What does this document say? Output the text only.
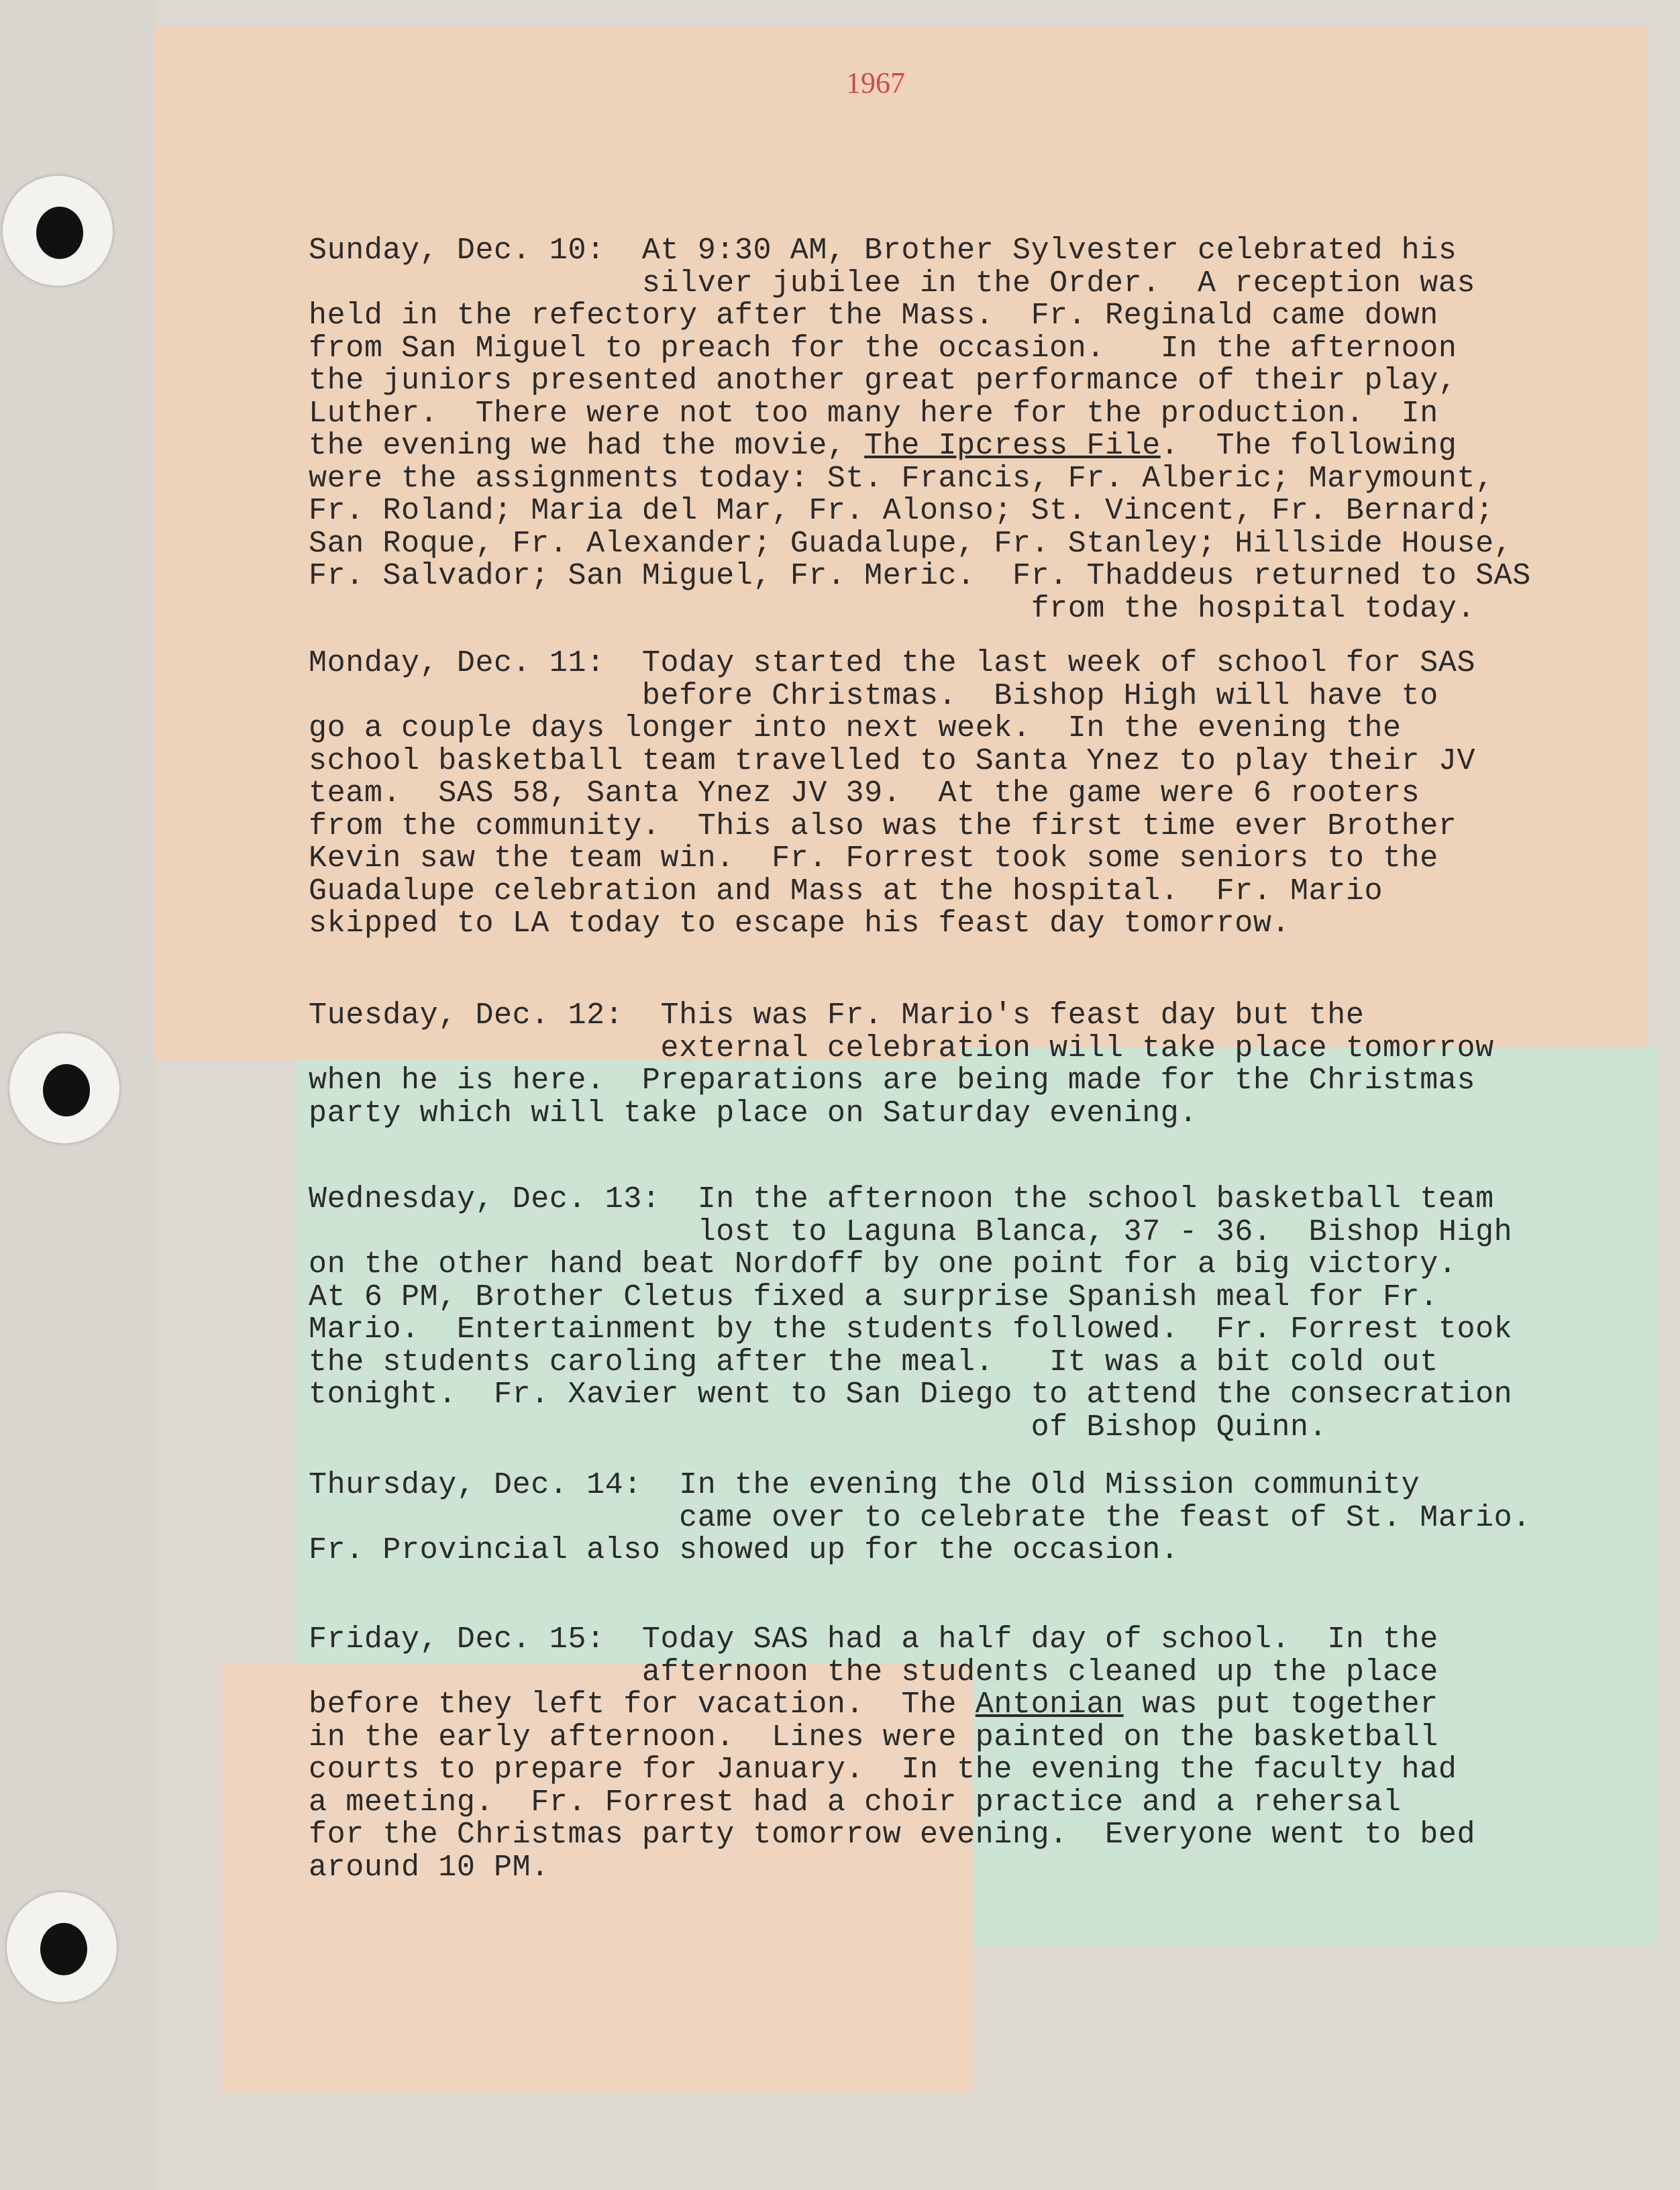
1967
Sunday, Dec. 10:  At 9:30 AM, Brother Sylvester celebrated his
silver jubilee in the Order.  A reception was
held in the refectory after the Mass.  Fr. Reginald came down
from San Miguel to preach for the occasion.   In the afternoon
the juniors presented another great performance of their play,
Luther.  There were not too many here for the production.  In
the evening we had the movie, The Ipcress File.  The following
were the assignments today: St. Francis, Fr. Alberic; Marymount,
Fr. Roland; Maria del Mar, Fr. Alonso; St. Vincent, Fr. Bernard;
San Roque, Fr. Alexander; Guadalupe, Fr. Stanley; Hillside House,
Fr. Salvador; San Miguel, Fr. Meric.  Fr. Thaddeus returned to SAS
from the hospital today.
Monday, Dec. 11:  Today started the last week of school for SAS
before Christmas.  Bishop High will have to
go a couple days longer into next week.  In the evening the
school basketball team travelled to Santa Ynez to play their JV
team.  SAS 58, Santa Ynez JV 39.  At the game were 6 rooters
from the community.  This also was the first time ever Brother
Kevin saw the team win.  Fr. Forrest took some seniors to the
Guadalupe celebration and Mass at the hospital.  Fr. Mario
skipped to LA today to escape his feast day tomorrow.
Tuesday, Dec. 12:  This was Fr. Mario's feast day but the
external celebration will take place tomorrow
when he is here.  Preparations are being made for the Christmas
party which will take place on Saturday evening.
Wednesday, Dec. 13:  In the afternoon the school basketball team
lost to Laguna Blanca, 37 - 36.  Bishop High
on the other hand beat Nordoff by one point for a big victory.
At 6 PM, Brother Cletus fixed a surprise Spanish meal for Fr.
Mario.  Entertainment by the students followed.  Fr. Forrest took
the students caroling after the meal.   It was a bit cold out
tonight.  Fr. Xavier went to San Diego to attend the consecration
of Bishop Quinn.
Thursday, Dec. 14:  In the evening the Old Mission community
came over to celebrate the feast of St. Mario.
Fr. Provincial also showed up for the occasion.
Friday, Dec. 15:  Today SAS had a half day of school.  In the
afternoon the students cleaned up the place
before they left for vacation.  The Antonian was put together
in the early afternoon.  Lines were painted on the basketball
courts to prepare for January.  In the evening the faculty had
a meeting.  Fr. Forrest had a choir practice and a rehersal
for the Christmas party tomorrow evening.  Everyone went to bed
around 10 PM.
